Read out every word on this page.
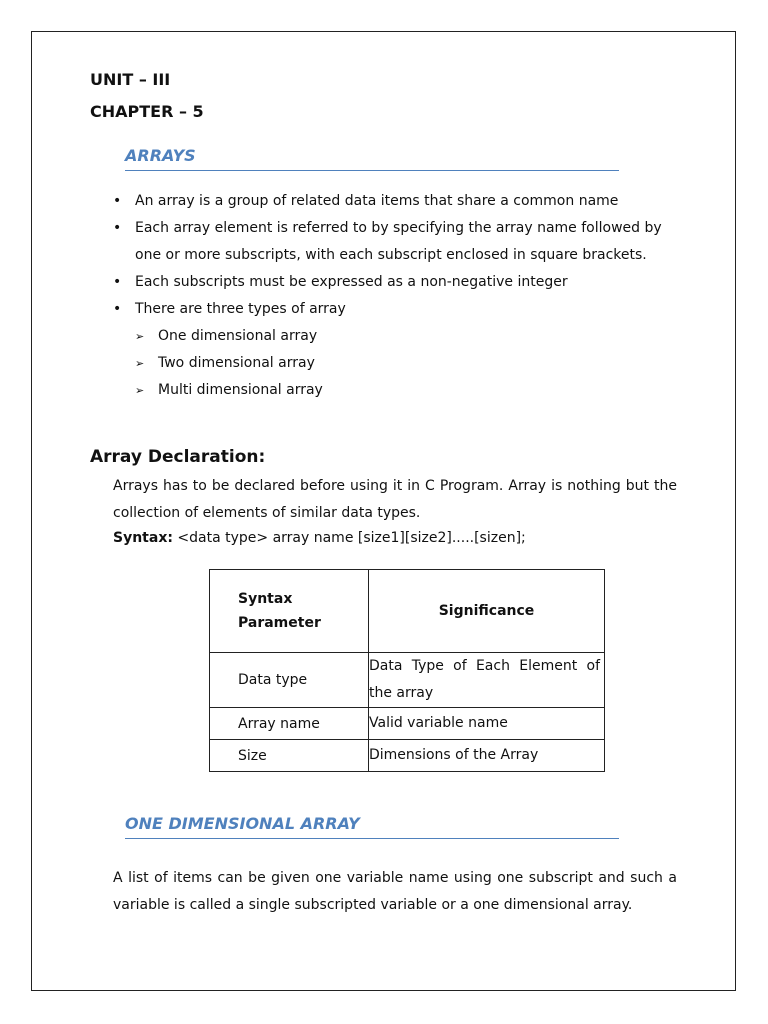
UNIT – III
CHAPTER – 5
ARRAYS
• An array is a group of related data items that share a common name
• Each array element is referred to by specifying the array name followed by one or more subscripts, with each subscript enclosed in square brackets.
• Each subscripts must be expressed as a non-negative integer
• There are three types of array
➢ One dimensional array
➢ Two dimensional array
➢ Multi dimensional array
Array Declaration:
Arrays has to be declared before using it in C Program. Array is nothing but the collection of elements of similar data types.
Syntax: <data type> array name [size1][size2].....[sizen];
Syntax Parameter	Significance
Data type	Data Type of Each Element of the array
Array name	Valid variable name
Size	Dimensions of the Array
ONE DIMENSIONAL ARRAY
A list of items can be given one variable name using one subscript and such a variable is called a single subscripted variable or a one dimensional array.
